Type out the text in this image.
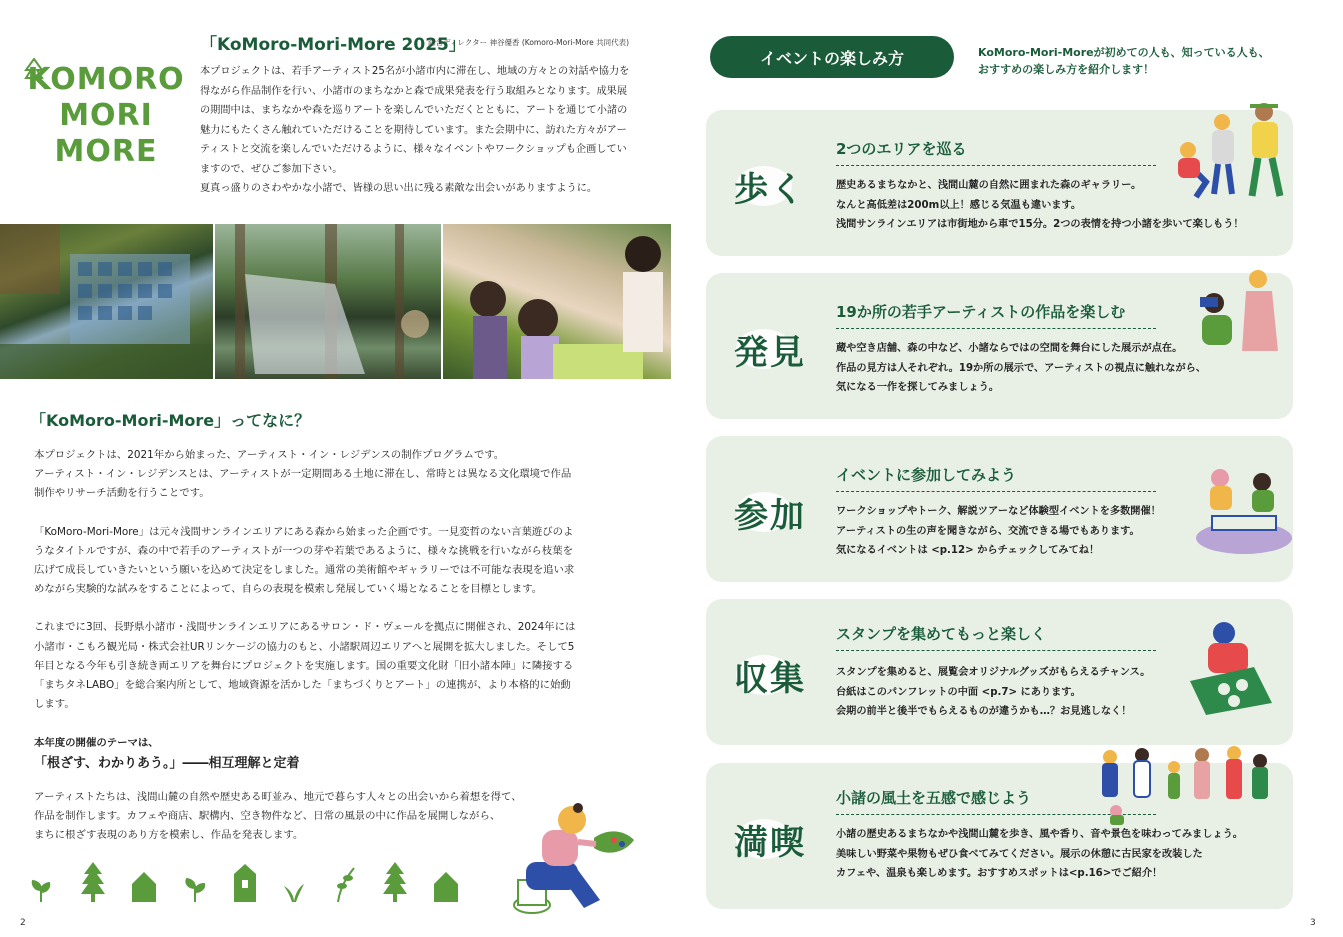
KOMORO
MORI
MORE
「KoMoro-Mori-More 2025」
総合ディレクター 神谷優香 (Komoro-Mori-More 共同代表)
本プロジェクトは、若手アーティスト25名が小諸市内に滞在し、地域の方々との対話や協力を
得ながら作品制作を行い、小諸市のまちなかと森で成果発表を行う取組みとなります。成果展
の期間中は、まちなかや森を巡りアートを楽しんでいただくとともに、アートを通じて小諸の
魅力にもたくさん触れていただけることを期待しています。また会期中に、訪れた方々がアー
ティストと交流を楽しんでいただけるように、様々なイベントやワークショップも企画してい
ますので、ぜひご参加下さい。
夏真っ盛りのさわやかな小諸で、皆様の思い出に残る素敵な出会いがありますように。
「KoMoro-Mori-More」ってなに？

本プロジェクトは、2021年から始まった、アーティスト・イン・レジデンスの制作プログラムです。
アーティスト・イン・レジデンスとは、アーティストが一定期間ある土地に滞在し、常時とは異なる文化環境で作品
制作やリサーチ活動を行うことです。

「KoMoro-Mori-More」は元々浅間サンラインエリアにある森から始まった企画です。一見変哲のない言葉遊びのよ
うなタイトルですが、森の中で若手のアーティストが一つの芽や若葉であるように、様々な挑戦を行いながら枝葉を
広げて成長していきたいという願いを込めて決定をしました。通常の美術館やギャラリーでは不可能な表現を追い求
めながら実験的な試みをすることによって、自らの表現を模索し発展していく場となることを目標とします。

これまでに3回、長野県小諸市・浅間サンラインエリアにあるサロン・ド・ヴェールを拠点に開催され、2024年には
小諸市・こもろ観光局・株式会社URリンケージの協力のもと、小諸駅周辺エリアへと展開を拡大しました。そして5
年目となる今年も引き続き両エリアを舞台にプロジェクトを実施します。国の重要文化財「旧小諸本陣」に隣接する
「まちタネLABO」を総合案内所として、地域資源を活かした「まちづくりとアート」の連携が、より本格的に始動
します。

本年度の開催のテーマは、
「根ざす、わかりあう。」――相互理解と定着
アーティストたちは、浅間山麓の自然や歴史ある町並み、地元で暮らす人々との出会いから着想を得て、
作品を制作します。カフェや商店、駅構内、空き物件など、日常の風景の中に作品を展開しながら、
まちに根ざす表現のあり方を模索し、作品を発表します。
2
イベントの楽しみ方	KoMoro-Mori-Moreが初めての人も、知っている人も、
おすすめの楽しみ方を紹介します！
歩く
2つのエリアを巡る
歴史あるまちなかと、浅間山麓の自然に囲まれた森のギャラリー。
なんと高低差は200m以上！感じる気温も違います。
浅間サンラインエリアは市街地から車で15分。2つの表情を持つ小諸を歩いて楽しもう！
発見
19か所の若手アーティストの作品を楽しむ
蔵や空き店舗、森の中など、小諸ならではの空間を舞台にした展示が点在。
作品の見方は人それぞれ。19か所の展示で、アーティストの視点に触れながら、
気になる一作を探してみましょう。
参加
イベントに参加してみよう
ワークショップやトーク、解説ツアーなど体験型イベントを多数開催！
アーティストの生の声を聞きながら、交流できる場でもあります。
気になるイベントは <p.12> からチェックしてみてね！
収集
スタンプを集めてもっと楽しく
スタンプを集めると、展覧会オリジナルグッズがもらえるチャンス。
台紙はこのパンフレットの中面 <p.7> にあります。
会期の前半と後半でもらえるものが違うかも…？お見逃しなく！
満喫
小諸の風土を五感で感じよう
小諸の歴史あるまちなかや浅間山麓を歩き、風や香り、音や景色を味わってみましょう。
美味しい野菜や果物もぜひ食べてみてください。展示の休憩に古民家を改装した
カフェや、温泉も楽しめます。おすすめスポットは<p.16>でご紹介！
3
